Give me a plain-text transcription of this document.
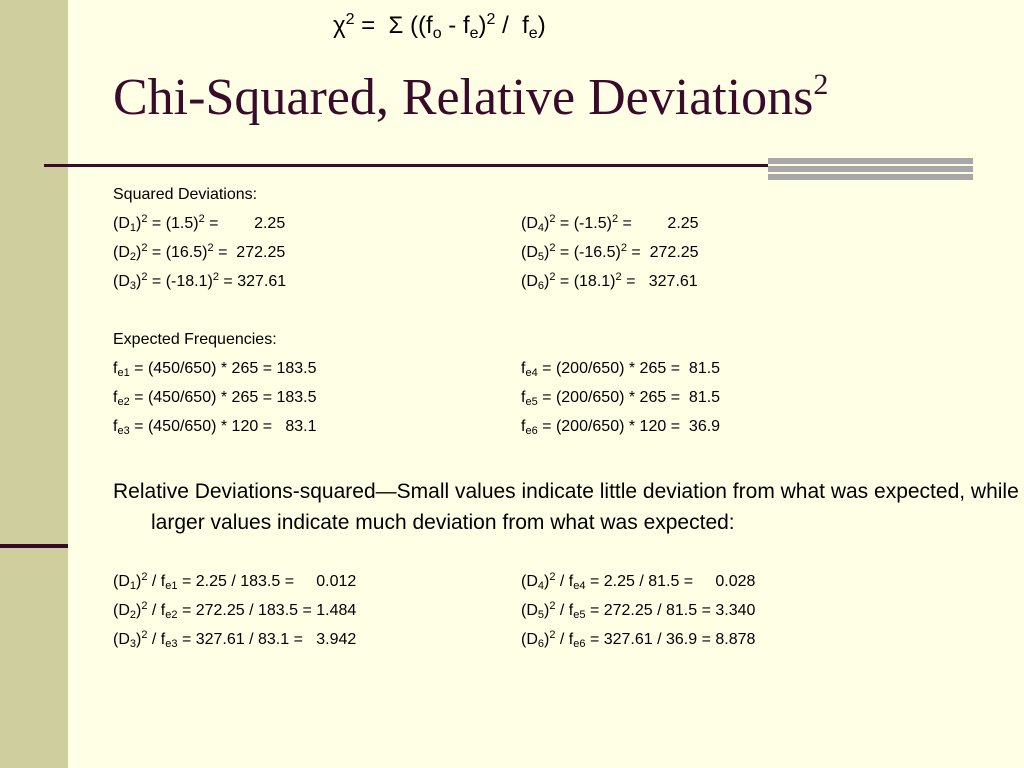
$\chi^2 = \Sigma$ $((f_o - f_e)^2 / f_e)$
Chi-Squared, Relative Deviations$^2$
Squared Deviations:
$(D_1)^2 = (1.5)^2$ =        2.25	$(D_4)^2 = (-1.5)^2$ =        2.25
$(D_2)^2 = (16.5)^2 = 272.25$	$(D_5)^2 = (-16.5)^2 = 272.25$
$(D_3)^2 = (-18.1)^2 = 327.61$	$(D_6)^2 = (18.1)^2 = 327.61$
Expected Frequencies:
$f_{e1} = (450/650) * 265 = 183.5$	$f_{e4} = (200/650) * 265 = 81.5$
$f_{e2} = (450/650) * 265 = 183.5$	$f_{e5} = (200/650) * 265 = 81.5$
$f_{e3} = (450/650) * 120 = 83.1$	$f_{e6} = (200/650) * 120 = 36.9$
Relative Deviations-squared—Small values indicate little deviation from what was expected, while larger values indicate much deviation from what was expected:
$(D_1)^2 / f_{e1} = 2.25 / 183.5$ =     0.012	$(D_4)^2 / f_{e4} = 2.25 / 81.5$ =     0.028
$(D_2)^2 / f_{e2} = 272.25 / 183.5 = 1.484$	$(D_5)^2 / f_{e5} = 272.25 / 81.5 = 3.340$
$(D_3)^2 / f_{e3} = 327.61 / 83.1 = 3.942$	$(D_6)^2 / f_{e6} = 327.61 / 36.9 = 8.878$
